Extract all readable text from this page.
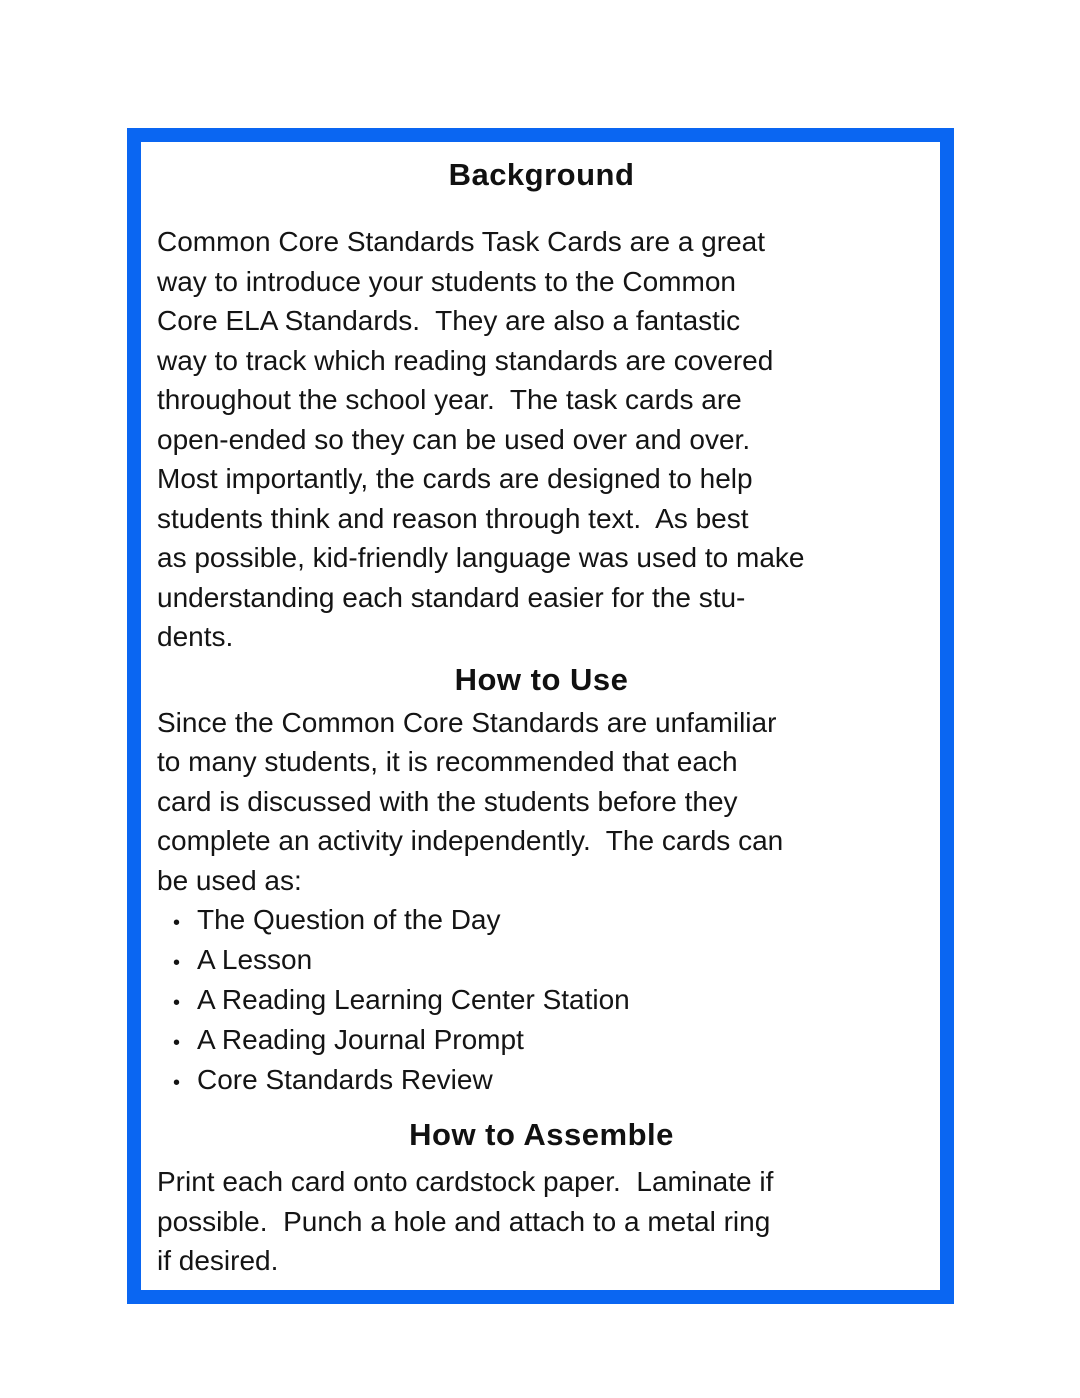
Background
Common Core Standards Task Cards are a great
way to introduce your students to the Common
Core ELA Standards.  They are also a fantastic
way to track which reading standards are covered
throughout the school year.  The task cards are
open-ended so they can be used over and over.
Most importantly, the cards are designed to help
students think and reason through text.  As best
as possible, kid-friendly language was used to make
understanding each standard easier for the stu-
dents.
How to Use
Since the Common Core Standards are unfamiliar
to many students, it is recommended that each
card is discussed with the students before they
complete an activity independently.  The cards can
be used as:
• The Question of the Day
• A Lesson
• A Reading Learning Center Station
• A Reading Journal Prompt
• Core Standards Review
How to Assemble
Print each card onto cardstock paper.  Laminate if
possible.  Punch a hole and attach to a metal ring
if desired.
